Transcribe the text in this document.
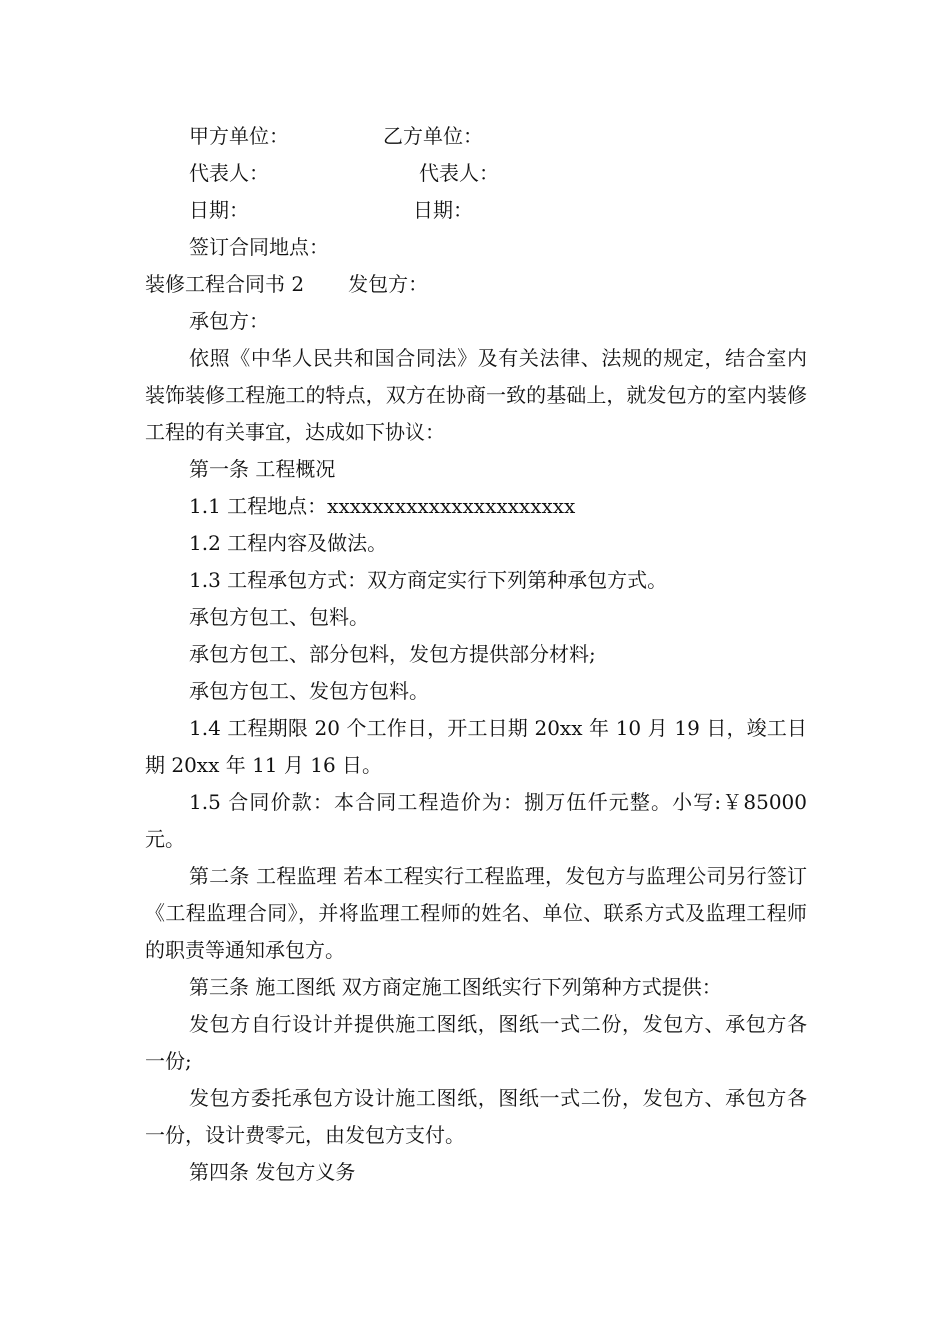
甲方单位：	乙方单位：
代表人：	代表人：
日期：	日期：
签订合同地点：
装修工程合同书 2 发包方：
承包方：
依照《中华人民共和国合同法》及有关法律、法规的规定，结合室内装饰装修工程施工的特点，双方在协商一致的基础上，就发包方的室内装修工程的有关事宜，达成如下协议：
第一条 工程概况
1.1 工程地点：xxxxxxxxxxxxxxxxxxxxxx
1.2 工程内容及做法。
1.3 工程承包方式：双方商定实行下列第种承包方式。
承包方包工、包料。
承包方包工、部分包料，发包方提供部分材料;
承包方包工、发包方包料。
1.4 工程期限 20 个工作日，开工日期 20xx 年 10 月 19 日，竣工日期 20xx 年 11 月 16 日。
1.5 合同价款：本合同工程造价为：捌万伍仟元整。小写:￥85000 元。
第二条 工程监理 若本工程实行工程监理，发包方与监理公司另行签订《工程监理合同》，并将监理工程师的姓名、单位、联系方式及监理工程师的职责等通知承包方。
第三条 施工图纸 双方商定施工图纸实行下列第种方式提供：
发包方自行设计并提供施工图纸，图纸一式二份，发包方、承包方各一份;
发包方委托承包方设计施工图纸，图纸一式二份，发包方、承包方各一份，设计费零元，由发包方支付。
第四条 发包方义务
